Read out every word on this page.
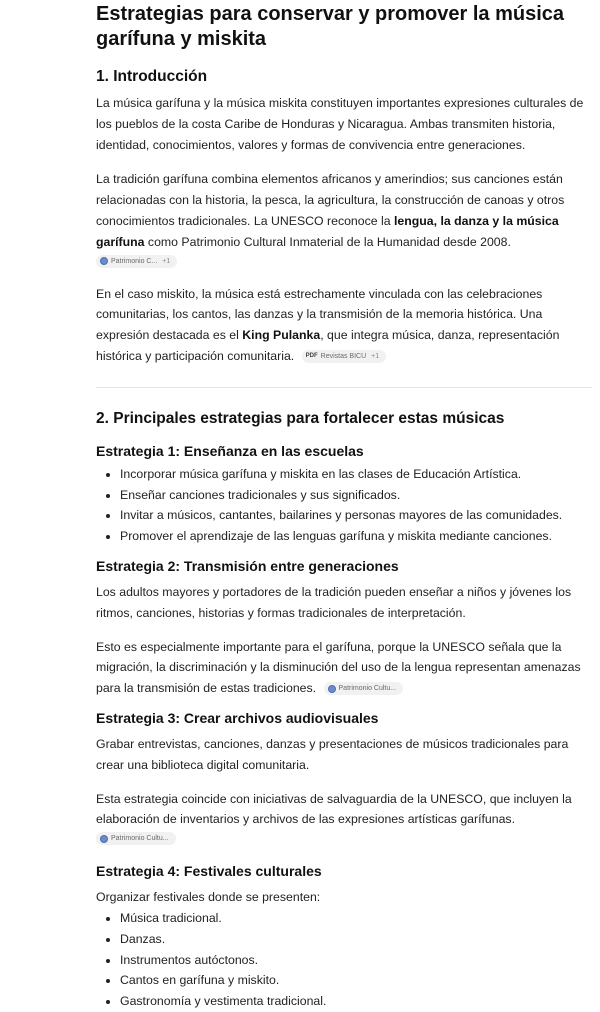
Estrategias para conservar y promover la música garífuna y miskita
1. Introducción

La música garífuna y la música miskita constituyen importantes expresiones culturales de los pueblos de la costa Caribe de Honduras y Nicaragua. Ambas transmiten historia, identidad, conocimientos, valores y formas de convivencia entre generaciones.

La tradición garífuna combina elementos africanos y amerindios; sus canciones están relacionadas con la historia, la pesca, la agricultura, la construcción de canoas y otros conocimientos tradicionales. La UNESCO reconoce la lengua, la danza y la música garífuna como Patrimonio Cultural Inmaterial de la Humanidad desde 2008.

Patrimonio C... +1

En el caso miskito, la música está estrechamente vinculada con las celebraciones comunitarias, los cantos, las danzas y la transmisión de la memoria histórica. Una expresión destacada es el King Pulanka, que integra música, danza, representación histórica y participación comunitaria. PDF Revistas BICU +1

2. Principales estrategias para fortalecer estas músicas
Estrategia 1: Enseñanza en las escuelas
• Incorporar música garífuna y miskita en las clases de Educación Artística.
• Enseñar canciones tradicionales y sus significados.
• Invitar a músicos, cantantes, bailarines y personas mayores de las comunidades.
• Promover el aprendizaje de las lenguas garífuna y miskita mediante canciones.
Estrategia 2: Transmisión entre generaciones

Los adultos mayores y portadores de la tradición pueden enseñar a niños y jóvenes los ritmos, canciones, historias y formas tradicionales de interpretación.

Esto es especialmente importante para el garífuna, porque la UNESCO señala que la migración, la discriminación y la disminución del uso de la lengua representan amenazas para la transmisión de estas tradiciones.	Patrimonio Cultu...

Estrategia 3: Crear archivos audiovisuales

Grabar entrevistas, canciones, danzas y presentaciones de músicos tradicionales para crear una biblioteca digital comunitaria.

Esta estrategia coincide con iniciativas de salvaguardia de la UNESCO, que incluyen la elaboración de inventarios y archivos de las expresiones artísticas garífunas.

Patrimonio Cultu...
Estrategia 4: Festivales culturales

Organizar festivales donde se presenten:

• Música tradicional.
• Danzas.
• Instrumentos autóctonos.
• Cantos en garífuna y miskito.
• Gastronomía y vestimenta tradicional.
